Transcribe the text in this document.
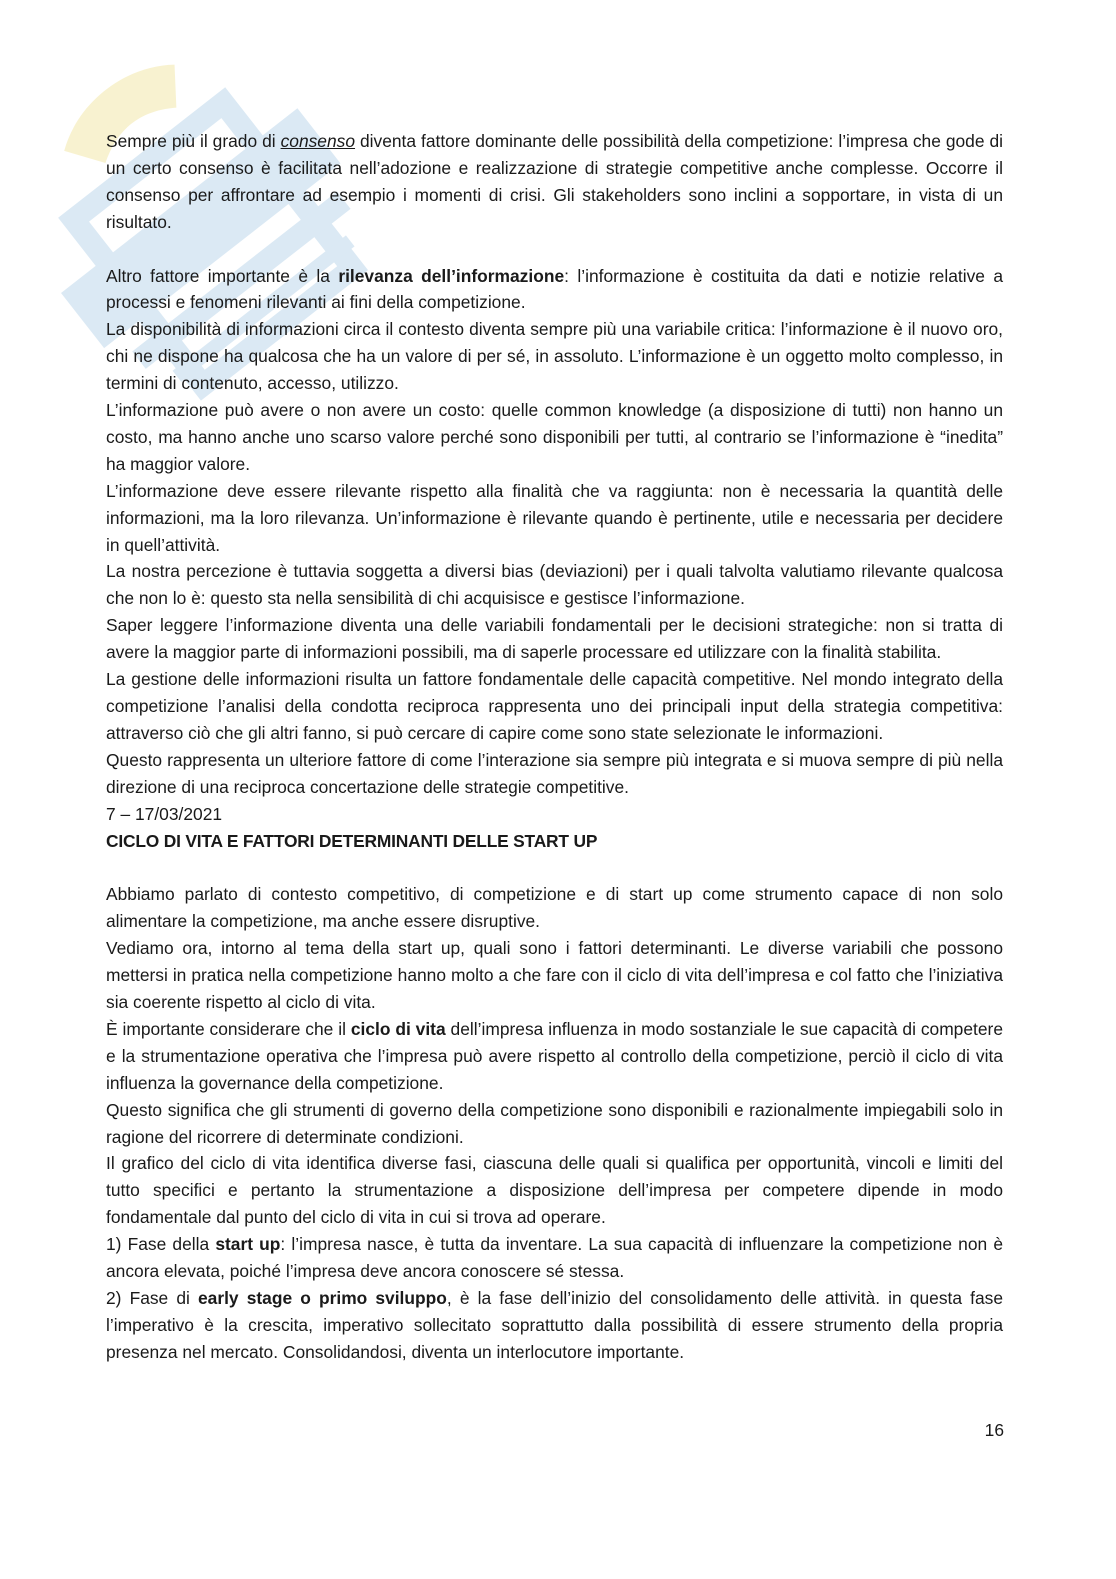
Sempre più il grado di consenso diventa fattore dominante delle possibilità della competizione: l’impresa che gode di un certo consenso è facilitata nell’adozione e realizzazione di strategie competitive anche complesse. Occorre il consenso per affrontare ad esempio i momenti di crisi. Gli stakeholders sono inclini a sopportare, in vista di un risultato.

Altro fattore importante è la rilevanza dell’informazione: l’informazione è costituita da dati e notizie relative a processi e fenomeni rilevanti ai fini della competizione.

La disponibilità di informazioni circa il contesto diventa sempre più una variabile critica: l’informazione è il nuovo oro, chi ne dispone ha qualcosa che ha un valore di per sé, in assoluto. L’informazione è un oggetto molto complesso, in termini di contenuto, accesso, utilizzo.

L’informazione può avere o non avere un costo: quelle common knowledge (a disposizione di tutti) non hanno un costo, ma hanno anche uno scarso valore perché sono disponibili per tutti, al contrario se l’informazione è “inedita” ha maggior valore.

L’informazione deve essere rilevante rispetto alla finalità che va raggiunta: non è necessaria la quantità delle informazioni, ma la loro rilevanza. Un’informazione è rilevante quando è pertinente, utile e necessaria per decidere in quell’attività.

La nostra percezione è tuttavia soggetta a diversi bias (deviazioni) per i quali talvolta valutiamo rilevante qualcosa che non lo è: questo sta nella sensibilità di chi acquisisce e gestisce l’informazione.

Saper leggere l’informazione diventa una delle variabili fondamentali per le decisioni strategiche: non si tratta di avere la maggior parte di informazioni possibili, ma di saperle processare ed utilizzare con la finalità stabilita.

La gestione delle informazioni risulta un fattore fondamentale delle capacità competitive. Nel mondo integrato della competizione l’analisi della condotta reciproca rappresenta uno dei principali input della strategia competitiva: attraverso ciò che gli altri fanno, si può cercare di capire come sono state selezionate le informazioni.

Questo rappresenta un ulteriore fattore di come l’interazione sia sempre più integrata e si muova sempre di più nella direzione di una reciproca concertazione delle strategie competitive.

7 – 17/03/2021

CICLO DI VITA E FATTORI DETERMINANTI DELLE START UP

Abbiamo parlato di contesto competitivo, di competizione e di start up come strumento capace di non solo alimentare la competizione, ma anche essere disruptive.

Vediamo ora, intorno al tema della start up, quali sono i fattori determinanti. Le diverse variabili che possono mettersi in pratica nella competizione hanno molto a che fare con il ciclo di vita dell’impresa e col fatto che l’iniziativa sia coerente rispetto al ciclo di vita.

È importante considerare che il ciclo di vita dell’impresa influenza in modo sostanziale le sue capacità di competere e la strumentazione operativa che l’impresa può avere rispetto al controllo della competizione, perciò il ciclo di vita influenza la governance della competizione.

Questo significa che gli strumenti di governo della competizione sono disponibili e razionalmente impiegabili solo in ragione del ricorrere di determinate condizioni.

Il grafico del ciclo di vita identifica diverse fasi, ciascuna delle quali si qualifica per opportunità, vincoli e limiti del tutto specifici e pertanto la strumentazione a disposizione dell’impresa per competere dipende in modo fondamentale dal punto del ciclo di vita in cui si trova ad operare.

1) Fase della start up: l’impresa nasce, è tutta da inventare. La sua capacità di influenzare la competizione non è ancora elevata, poiché l’impresa deve ancora conoscere sé stessa.

2) Fase di early stage o primo sviluppo, è la fase dell’inizio del consolidamento delle attività. in questa fase l’imperativo è la crescita, imperativo sollecitato soprattutto dalla possibilità di essere strumento della propria presenza nel mercato. Consolidandosi, diventa un interlocutore importante.

16
